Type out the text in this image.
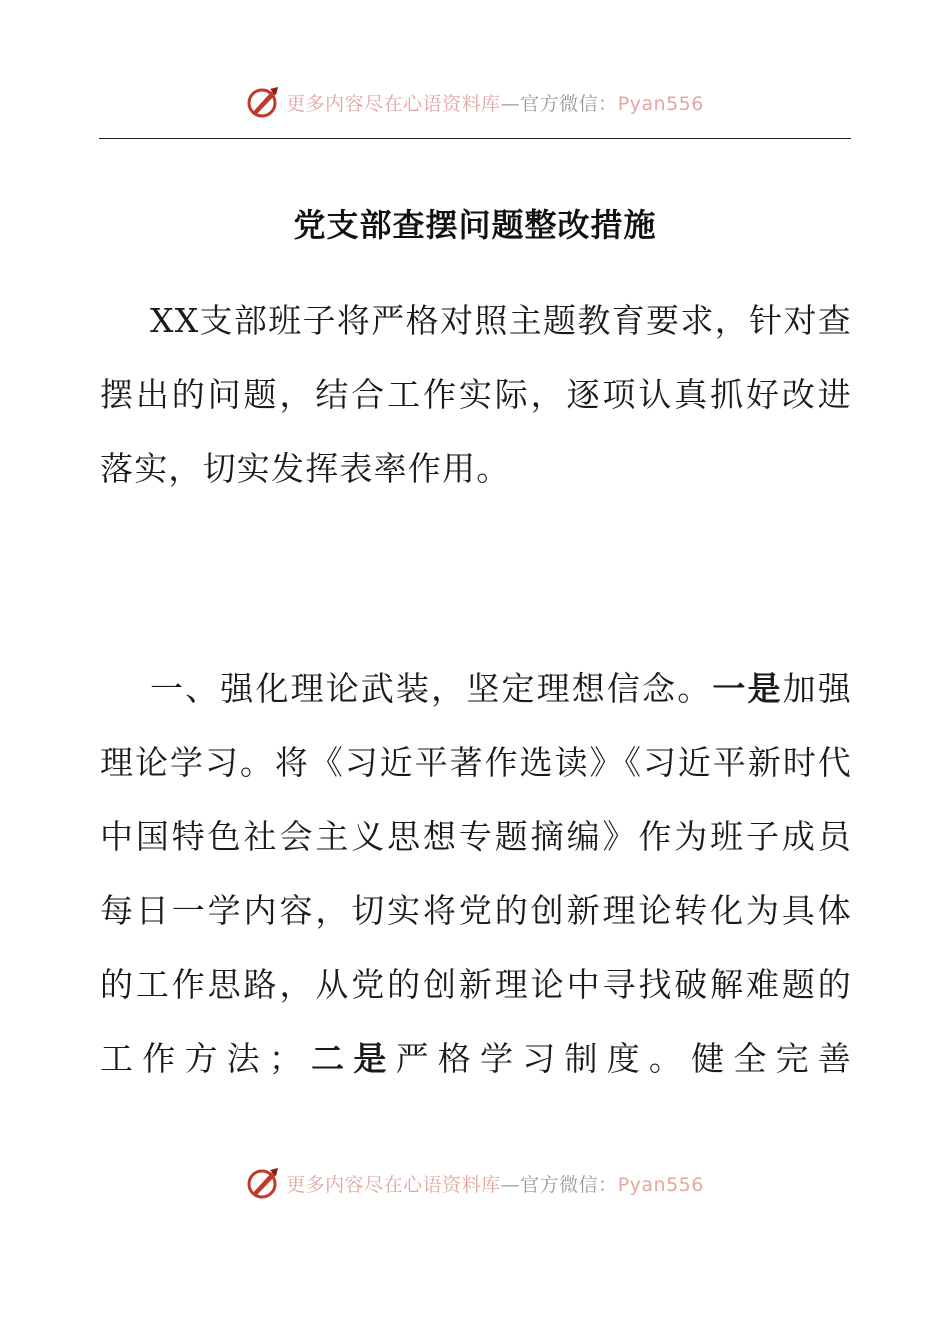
更多内容尽在心语资料库—官方微信：Pyan556
党支部查摆问题整改措施

XX支部班子将严格对照主题教育要求，针对查摆出的问题，结合工作实际，逐项认真抓好改进落实，切实发挥表率作用。

一、强化理论武装，坚定理想信念。一是加强理论学习。将《习近平著作选读》《习近平新时代中国特色社会主义思想专题摘编》作为班子成员每日一学内容，切实将党的创新理论转化为具体的工作思路，从党的创新理论中寻找破解难题的工作方法；二是严格学习制度。健全完善

更多内容尽在心语资料库—官方微信：Pyan556
